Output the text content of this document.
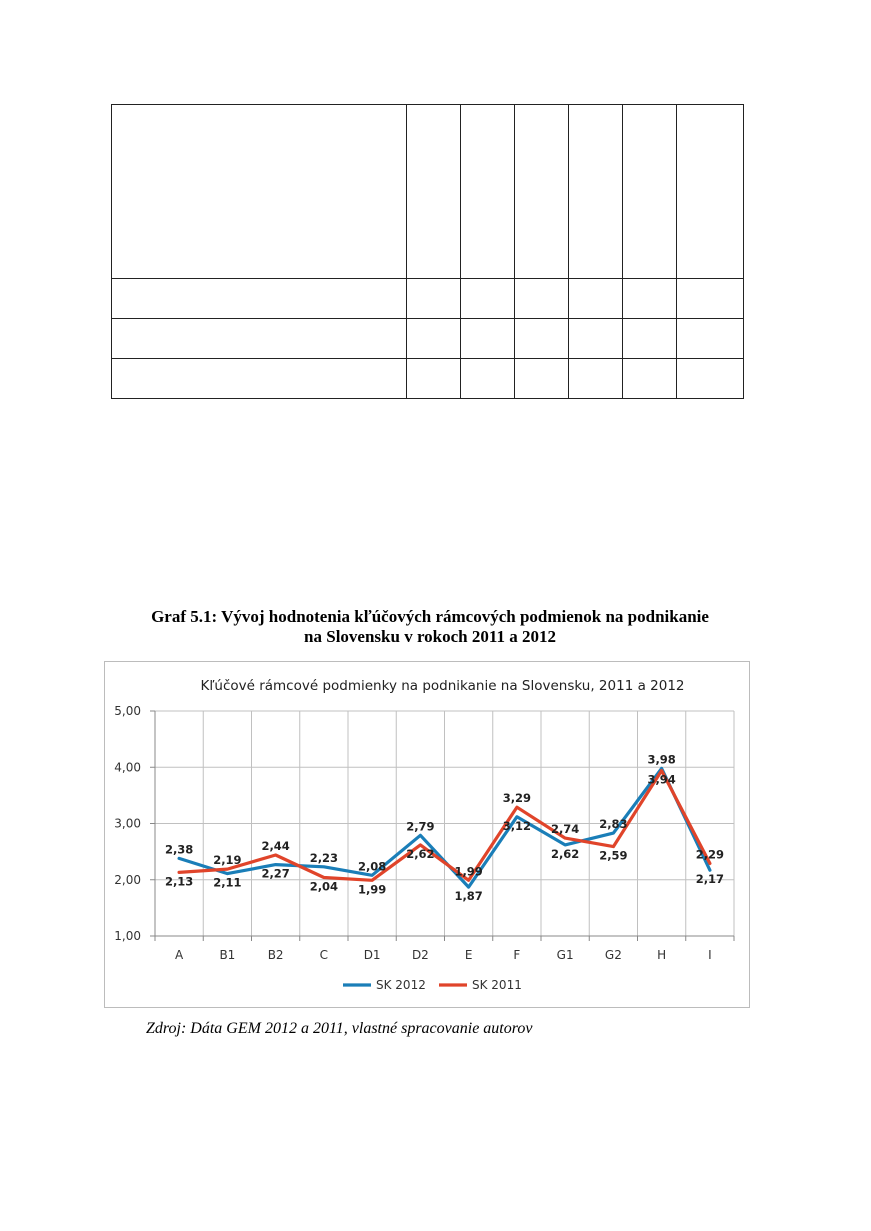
Graf 5.1: Vývoj hodnotenia kľúčových rámcových podmienok na podnikanie
na Slovensku v rokoch 2011 a 2012
Kľúčové rámcové podmienky na podnikanie na Slovensku, 2011 a 2012
1,00
2,00
3,00
4,00
5,00
A	B1	B2	C	D1	D2	E	F	G1	G2	H	I
2,38
2,13
2,19
2,11
2,44
2,27
2,23
2,04
2,08
1,99
2,79
2,62
1,99
1,87
3,29
3,12 2,74
2,62
2,83
2,59
3,98
3,94
2,29
2,17
SK 2012	SK 2011
Zdroj: Dáta GEM 2012 a 2011, vlastné spracovanie autorov
